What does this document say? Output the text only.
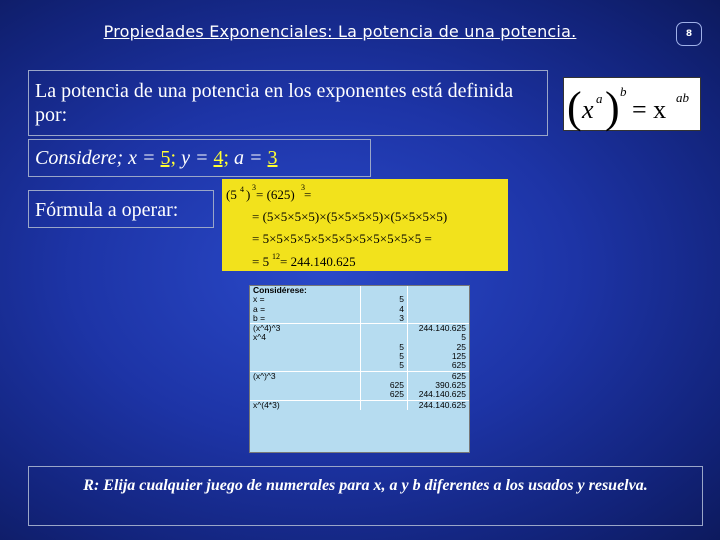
Propiedades Exponenciales: La potencia de una potencia.	8
La potencia de una potencia en los exponentes está definida por:	( x a ) b
= x ab
Considere; x = 5; y = 4; a = 3
Fórmula a operar:
(5 4 ) 3 = (625) 3 =
= (5×5×5×5)×(5×5×5×5)×(5×5×5×5)
= 5×5×5×5×5×5×5×5×5×5×5×5 =
= 5 12 = 244.140.625
Considérese:		
x =	5	
a =	4	
b =	3	
(x^4)^3		244.140.625
x^4		5
	5	25
	5	125
	5	625
(x^)^3		625
	625	390.625
	625	244.140.625
x^(4*3)		244.140.625
R: Elija cualquier juego de numerales para x, a y b diferentes a los usados y resuelva.
